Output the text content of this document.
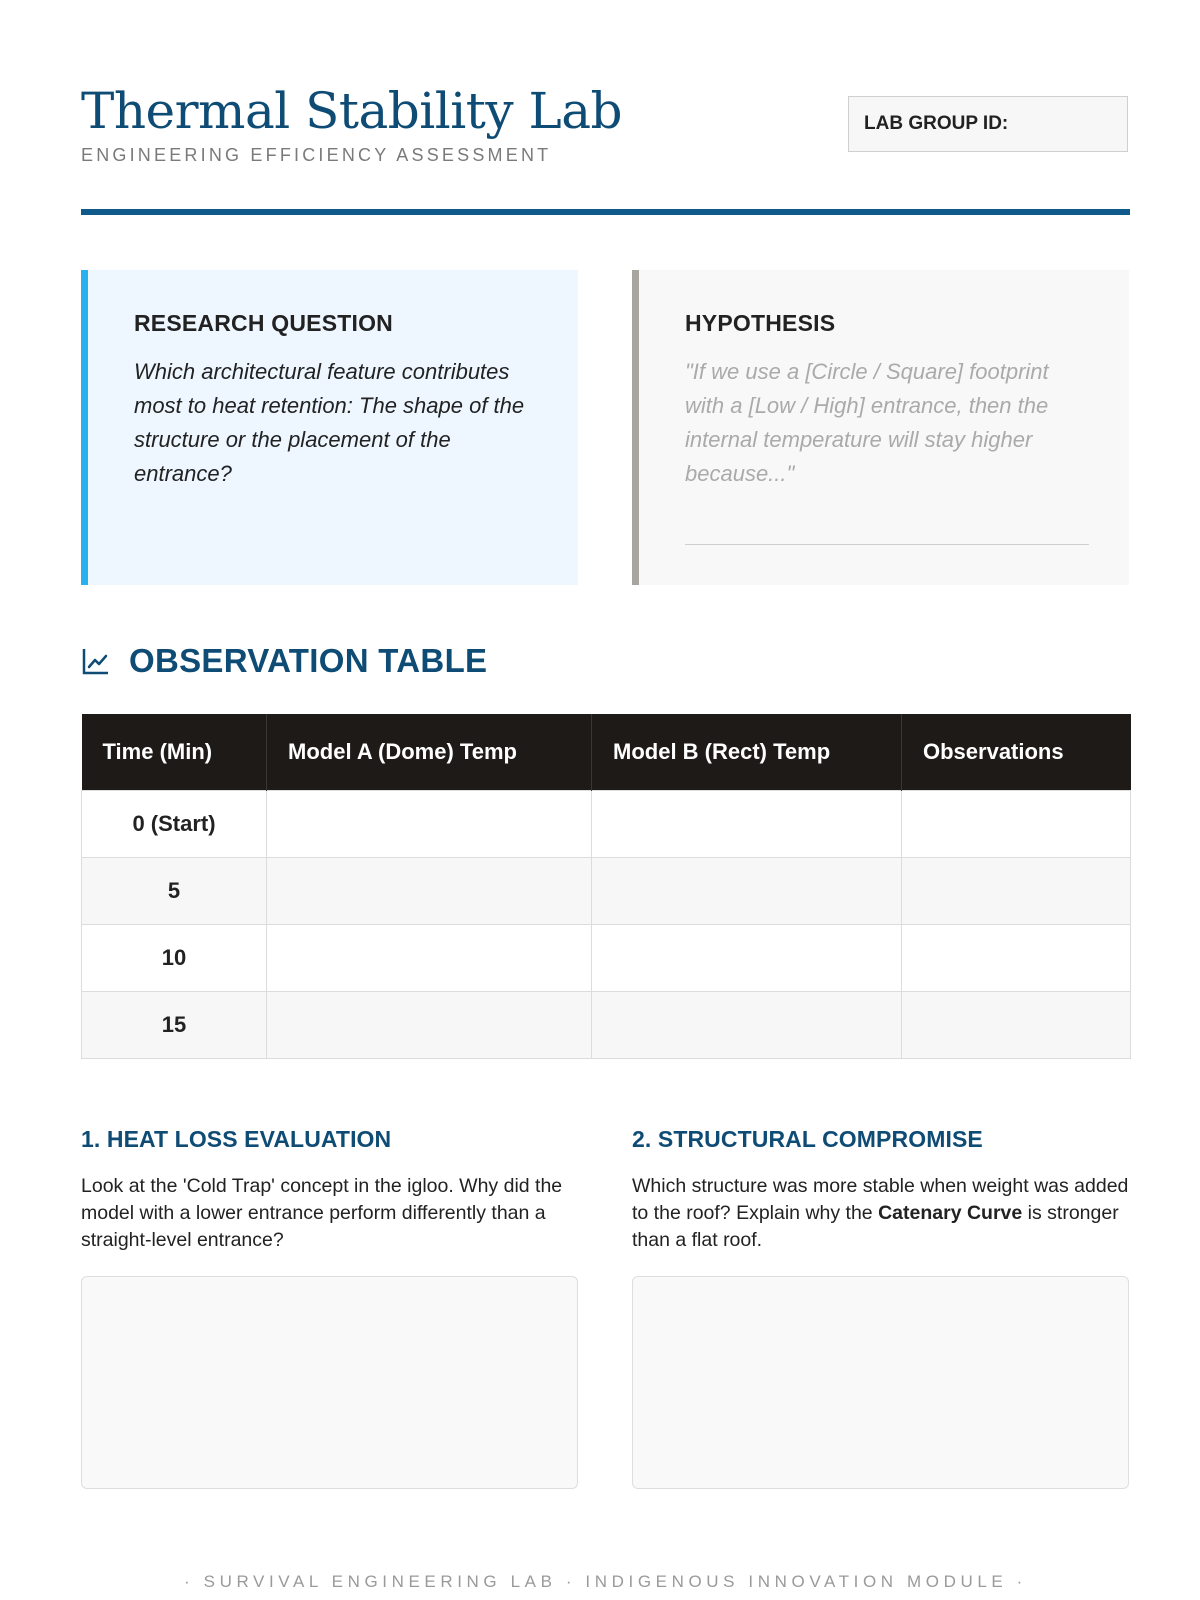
Thermal Stability Lab
ENGINEERING EFFICIENCY ASSESSMENT
LAB GROUP ID:
RESEARCH QUESTION
Which architectural feature contributes most to heat retention: The shape of the structure or the placement of the entrance?
HYPOTHESIS
"If we use a [Circle / Square] footprint with a [Low / High] entrance, then the internal temperature will stay higher because..."
OBSERVATION TABLE
Time (Min)	Model A (Dome) Temp	Model B (Rect) Temp	Observations
0 (Start)			
5			
10			
15			
1. HEAT LOSS EVALUATION
Look at the 'Cold Trap' concept in the igloo. Why did the model with a lower entrance perform differently than a straight-level entrance?
2. STRUCTURAL COMPROMISE
Which structure was more stable when weight was added to the roof? Explain why the Catenary Curve is stronger than a flat roof.
· SURVIVAL ENGINEERING LAB · INDIGENOUS INNOVATION MODULE ·
